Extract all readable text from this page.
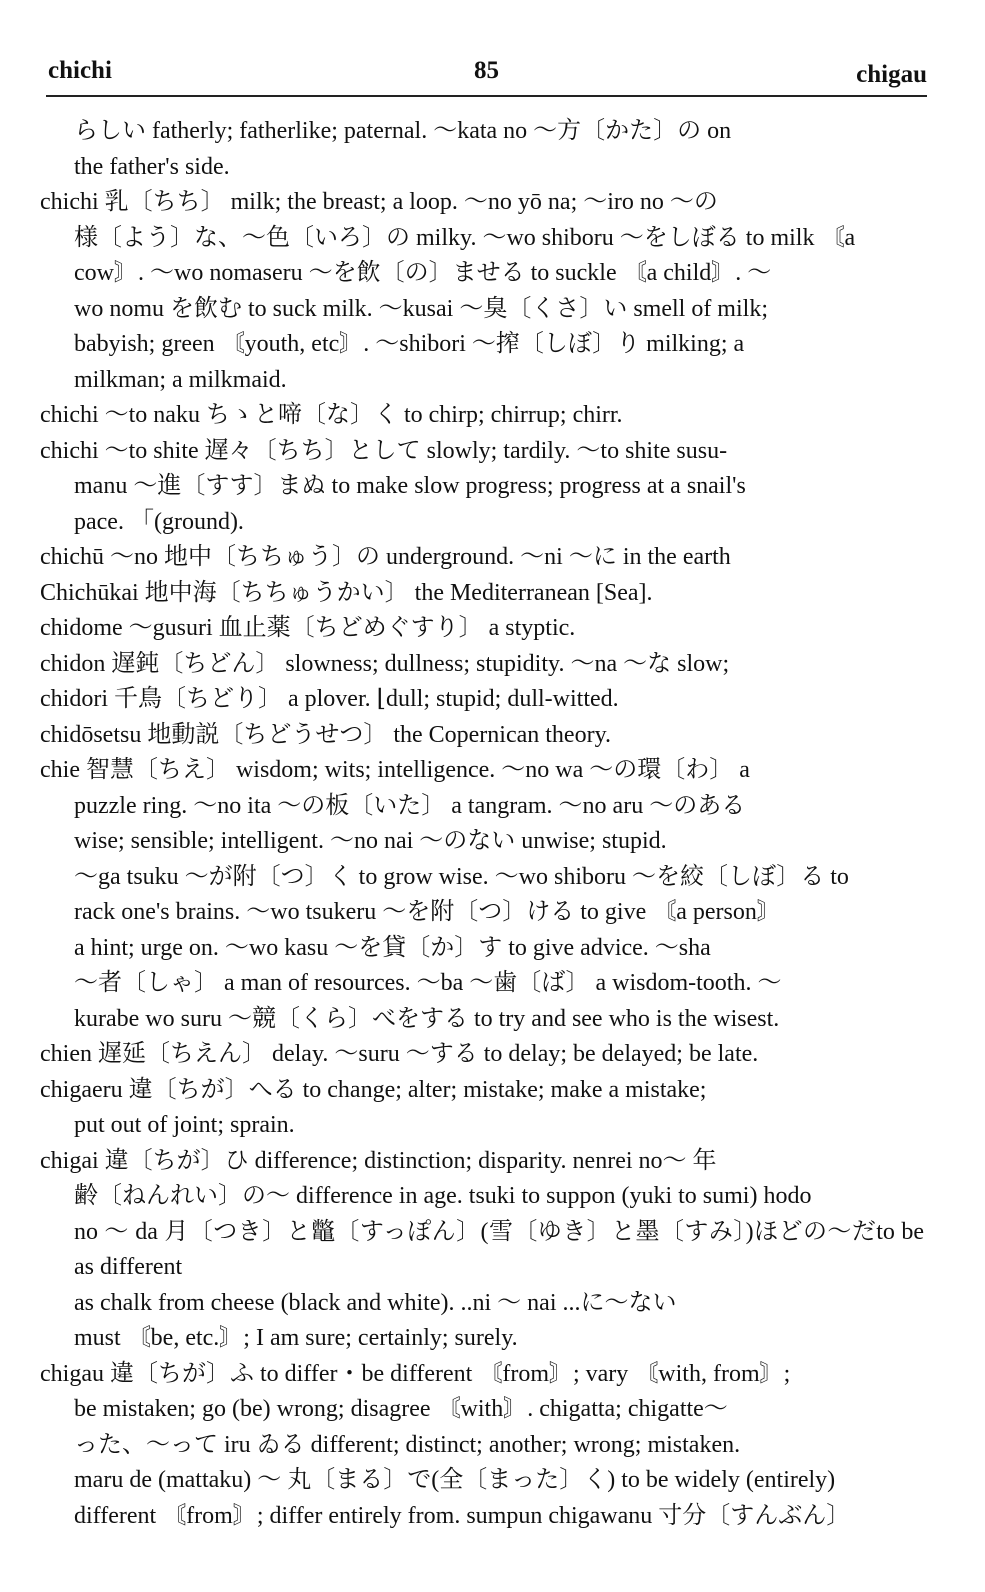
chichi	85	chigau

らしい fatherly; fatherlike; paternal. ～kata no ～方〔かた〕の on

the father's side.

chichi 乳〔ちち〕 milk; the breast; a loop. ～no yō na; ～iro no ～の

様〔よう〕な、～色〔いろ〕の milky. ～wo shiboru ～をしぼる to milk 〘a

cow〙. ～wo nomaseru ～を飲〔の〕ませる to suckle 〘a child〙. ～

wo nomu を飲む to suck milk. ～kusai ～臭〔くさ〕い smell of milk;

babyish; green 〘youth, etc〙. ～shibori ～搾〔しぼ〕り milking; a

milkman; a milkmaid.

chichi ～to naku ちゝと啼〔な〕く to chirp; chirrup; chirr.

chichi ～to shite 遅々〔ちち〕として slowly; tardily. ～to shite susu-

manu ～進〔すす〕まぬ to make slow progress; progress at a snail's

pace. 「(ground).

chichū ～no 地中〔ちちゅう〕の underground. ～ni ～に in the earth

Chichūkai 地中海〔ちちゅうかい〕 the Mediterranean [Sea].

chidome ～gusuri 血止薬〔ちどめぐすり〕 a styptic.

chidon 遅鈍〔ちどん〕 slowness; dullness; stupidity. ～na ～な slow;

chidori 千鳥〔ちどり〕 a plover. ⌊dull; stupid; dull-witted.

chidōsetsu 地動説〔ちどうせつ〕 the Copernican theory.

chie 智慧〔ちえ〕 wisdom; wits; intelligence. ～no wa ～の環〔わ〕 a

puzzle ring. ～no ita ～の板〔いた〕 a tangram. ～no aru ～のある

wise; sensible; intelligent. ～no nai ～のない unwise; stupid.

～ga tsuku ～が附〔つ〕く to grow wise. ～wo shiboru ～を絞〔しぼ〕る to

rack one's brains. ～wo tsukeru ～を附〔つ〕ける to give 〘a person〙

a hint; urge on. ～wo kasu ～を貸〔か〕す to give advice. ～sha

～者〔しゃ〕 a man of resources. ～ba ～歯〔ば〕 a wisdom-tooth. ～

kurabe wo suru ～競〔くら〕べをする to try and see who is the wisest.

chien 遅延〔ちえん〕 delay. ～suru ～する to delay; be delayed; be late.

chigaeru 違〔ちが〕へる to change; alter; mistake; make a mistake;

put out of joint; sprain.

chigai 違〔ちが〕ひ difference; distinction; disparity. nenrei no～ 年

齢〔ねんれい〕の～ difference in age. tsuki to suppon (yuki to sumi) hodo

no ～ da 月〔つき〕と鼈〔すっぽん〕(雪〔ゆき〕と墨〔すみ〕)ほどの～だto be as different

as chalk from cheese (black and white). ..ni ～ nai ...に～ない

must 〘be, etc.〙; I am sure; certainly; surely.

chigau 違〔ちが〕ふ to differ・be different 〘from〙; vary 〘with, from〙;

be mistaken; go (be) wrong; disagree 〘with〙. chigatta; chigatte～

った、～って iru ゐる different; distinct; another; wrong; mistaken.

maru de (mattaku) ～ 丸〔まる〕で(全〔まった〕く) to be widely (entirely)

different 〘from〙; differ entirely from. sumpun chigawanu 寸分〔すんぶん〕
